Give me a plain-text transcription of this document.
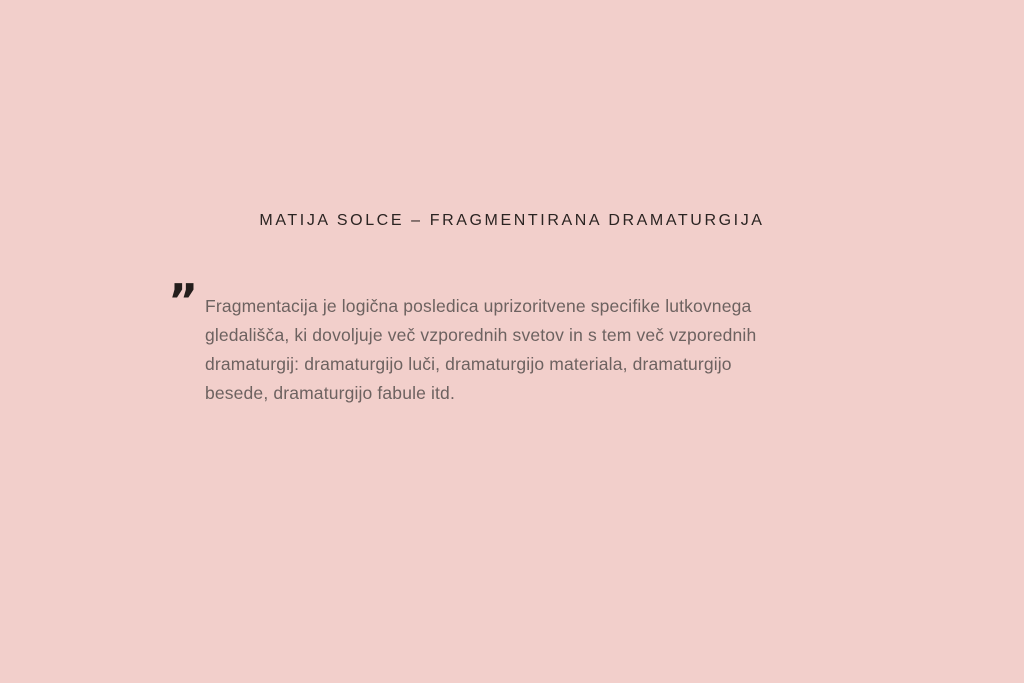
MATIJA SOLCE – FRAGMENTIRANA DRAMATURGIJA
” Fragmentacija je logična posledica uprizoritvene specifike lutkovnega gledališča, ki dovoljuje več vzporednih svetov in s tem več vzporednih dramaturgij: dramaturgijo luči, dramaturgijo materiala, dramaturgijo besede, dramaturgijo fabule itd.
